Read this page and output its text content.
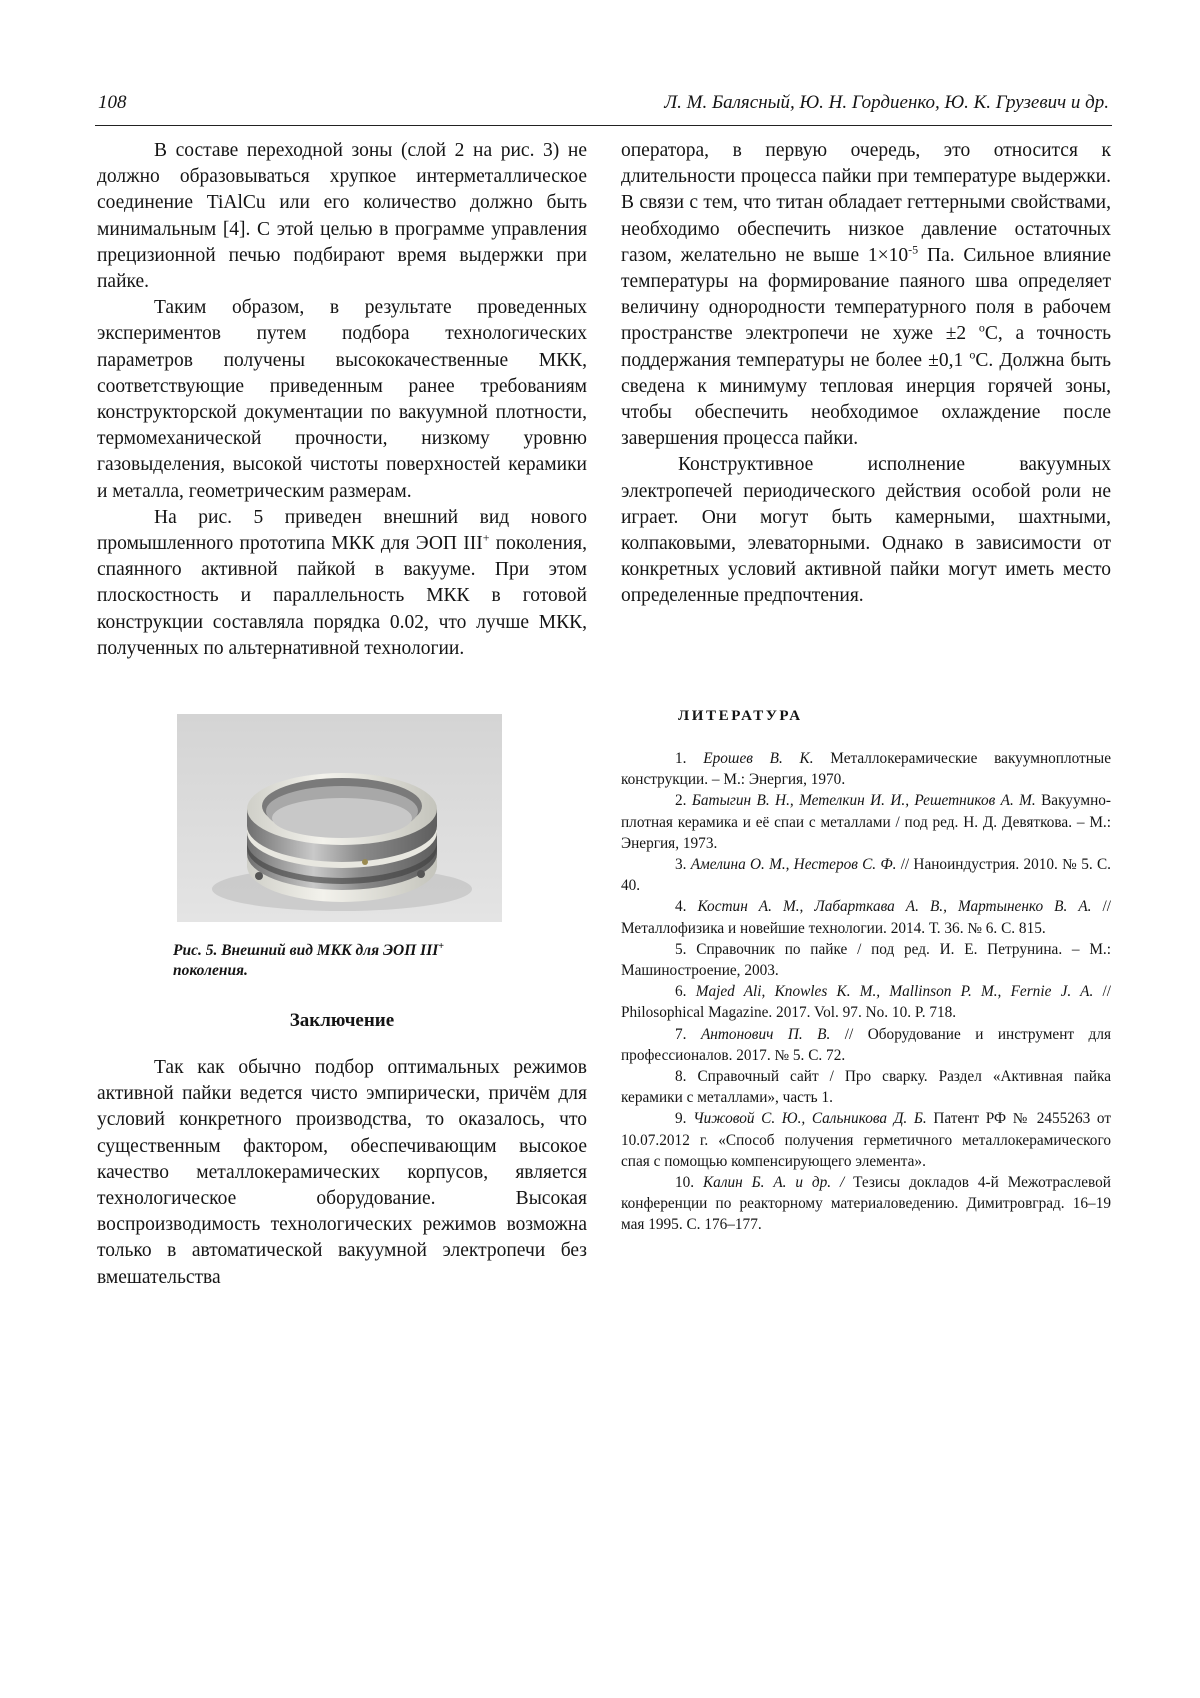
108	Л. М. Балясный, Ю. Н. Гордиенко, Ю. К. Грузевич и др.

В составе переходной зоны (слой 2 на рис. 3) не должно образовываться хрупкое интерметаллическое соединение TiAlCu или его количество должно быть минимальным [4]. С этой целью в программе управления прецизионной печью подбирают время выдержки при пайке.

Таким образом, в результате проведенных экспериментов путем подбора технологических параметров получены высококачественные МКК, соответствующие приведенным ранее требованиям конструкторской документации по вакуумной плотности, термомеханической прочности, низкому уровню газовыделения, высокой чистоты поверхностей керамики и металла, геометрическим размерам.

На рис. 5 приведен внешний вид нового промышленного прототипа МКК для ЭОП III+ поколения, спаянного активной пайкой в вакууме. При этом плоскостность и параллельность МКК в готовой конструкции составляла порядка 0.02, что лучше МКК, полученных по альтернативной технологии.

Рис. 5. Внешний вид МКК для ЭОП III+
поколения.
Заключение

Так как обычно подбор оптимальных режимов активной пайки ведется чисто эмпирически, причём для условий конкретного производства, то оказалось, что существенным фактором, обеспечивающим высокое качество металлокерамических корпусов, является технологическое оборудование. Высокая воспроизводимость технологических режимов возможна только в автоматической вакуумной электропечи без вмешательства

оператора, в первую очередь, это относится к длительности процесса пайки при температуре выдержки. В связи с тем, что титан обладает геттерными свойствами, необходимо обеспечить низкое давление остаточных газом, желательно не выше $1\times 10^{-5}$ Па. Сильное влияние температуры на формирование паяного шва определяет величину однородности температурного поля в рабочем пространстве электропечи не хуже ±2 $^о$С, а точность поддержания температуры не более ±0,1 $^о$С. Должна быть сведена к минимуму тепловая инерция горячей зоны, чтобы обеспечить необходимое охлаждение после завершения процесса пайки.

Конструктивное исполнение вакуумных электропечей периодического действия особой роли не играет. Они могут быть камерными, шахтными, колпаковыми, элеваторными. Однако в зависимости от конкретных условий активной пайки могут иметь место определенные предпочтения.

ЛИТЕРАТУРА

1. Ерошев В. К. Металлокерамические вакуумноплотные конструкции. – М.: Энергия, 1970.

2. Батыгин В. Н., Метелкин И. И., Решетников А. М. Вакуумно-плотная керамика и её спаи с металлами / под ред. Н. Д. Девяткова. – М.: Энергия, 1973.

3. Амелина О. М., Нестеров С. Ф. // Наноиндустрия. 2010. № 5. С. 40.

4. Костин А. М., Лабарткава А. В., Мартыненко В. А. // Металлофизика и новейшие технологии. 2014. Т. 36. № 6. С. 815.

5. Справочник по пайке / под ред. И. Е. Петрунина. – М.: Машиностроение, 2003.

6. Majed Ali, Knowles K. M., Mallinson P. M., Fernie J. A. // Philosophical Magazine. 2017. Vol. 97. No. 10. P. 718.

7. Антонович П. В. // Оборудование и инструмент для профессионалов. 2017. № 5. С. 72.

8. Справочный сайт / Про сварку. Раздел «Активная пайка керамики с металлами», часть 1.

9. Чижовой С. Ю., Сальникова Д. Б. Патент РФ № 2455263 от 10.07.2012 г. «Способ получения герметичного металлокерамического спая с помощью компенсирующего элемента».

10. Калин Б. А. и др. / Тезисы докладов 4-й Межотраслевой конференции по реакторному материаловедению. Димитровград. 16–19 мая 1995. С. 176–177.
